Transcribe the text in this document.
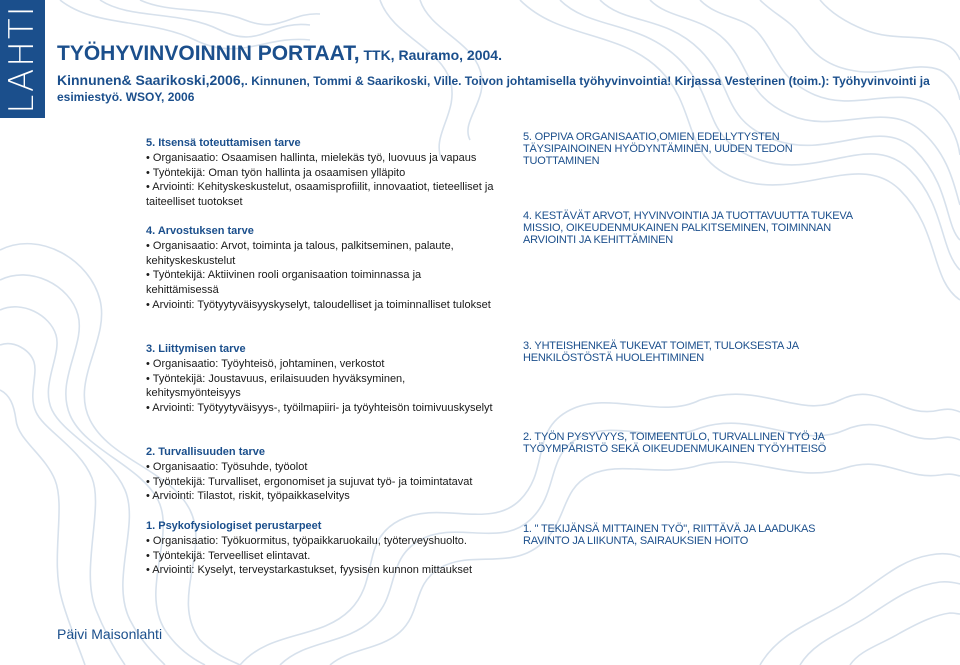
LAHTI TYÖHYVINVOINNIN PORTAAT, TTK, Rauramo, 2004.
Kinnunen& Saarikoski,2006,. Kinnunen, Tommi & Saarikoski, Ville. Toivon johtamisella työhyvinvointia! Kirjassa Vesterinen (toim.): Työhyvinvointi ja esimiestyö. WSOY, 2006
5. Itsensä toteuttamisen tarve
• Organisaatio: Osaamisen hallinta, mielekäs työ, luovuus ja vapaus
• Työntekijä: Oman työn hallinta ja osaamisen ylläpito
• Arviointi: Kehityskeskustelut, osaamisprofiilit, innovaatiot, tieteelliset ja taiteelliset tuotokset
4. Arvostuksen tarve
• Organisaatio: Arvot, toiminta ja talous, palkitseminen, palaute, kehityskeskustelut
• Työntekijä: Aktiivinen rooli organisaation toiminnassa ja kehittämisessä
• Arviointi: Työtyytyväisyyskyselyt, taloudelliset ja toiminnalliset tulokset
3. Liittymisen tarve
• Organisaatio: Työyhteisö, johtaminen, verkostot
• Työntekijä: Joustavuus, erilaisuuden hyväksyminen, kehitysmyönteisyys
• Arviointi: Työtyytyväisyys-, työilmapiiri- ja työyhteisön toimivuuskyselyt
2. Turvallisuuden tarve
• Organisaatio: Työsuhde, työolot
• Työntekijä: Turvalliset, ergonomiset ja sujuvat työ- ja toimintatavat
• Arviointi: Tilastot, riskit, työpaikkaselvitys
1. Psykofysiologiset perustarpeet
• Organisaatio: Työkuormitus, työpaikkaruokailu, työterveyshuolto.
• Työntekijä: Terveelliset elintavat.
• Arviointi: Kyselyt, terveystarkastukset, fyysisen kunnon mittaukset
5. OPPIVA ORGANISAATIO,OMIEN EDELLYTYSTEN TÄYSIPAINOINEN HYÖDYNTÄMINEN, UUDEN TEDON TUOTTAMINEN
4. KESTÄVÄT ARVOT, HYVINVOINTIA JA TUOTTAVUUTTA TUKEVA MISSIO, OIKEUDENMUKAINEN PALKITSEMINEN, TOIMINNAN ARVIOINTI JA KEHITTÄMINEN
3. YHTEISHENKEÄ TUKEVAT TOIMET, TULOKSESTA JA HENKILÖSTÖSTÄ HUOLEHTIMINEN
2. TYÖN PYSYVYYS, TOIMEENTULO, TURVALLINEN TYÖ JA TYÖYMPÄRISTÖ SEKÄ OIKEUDENMUKAINEN TYÖYHTEISÖ
1. " TEKIJÄNSÄ MITTAINEN TYÖ", RIITTÄVÄ JA LAADUKAS RAVINTO JA LIIKUNTA, SAIRAUKSIEN HOITO
Päivi Maisonlahti
